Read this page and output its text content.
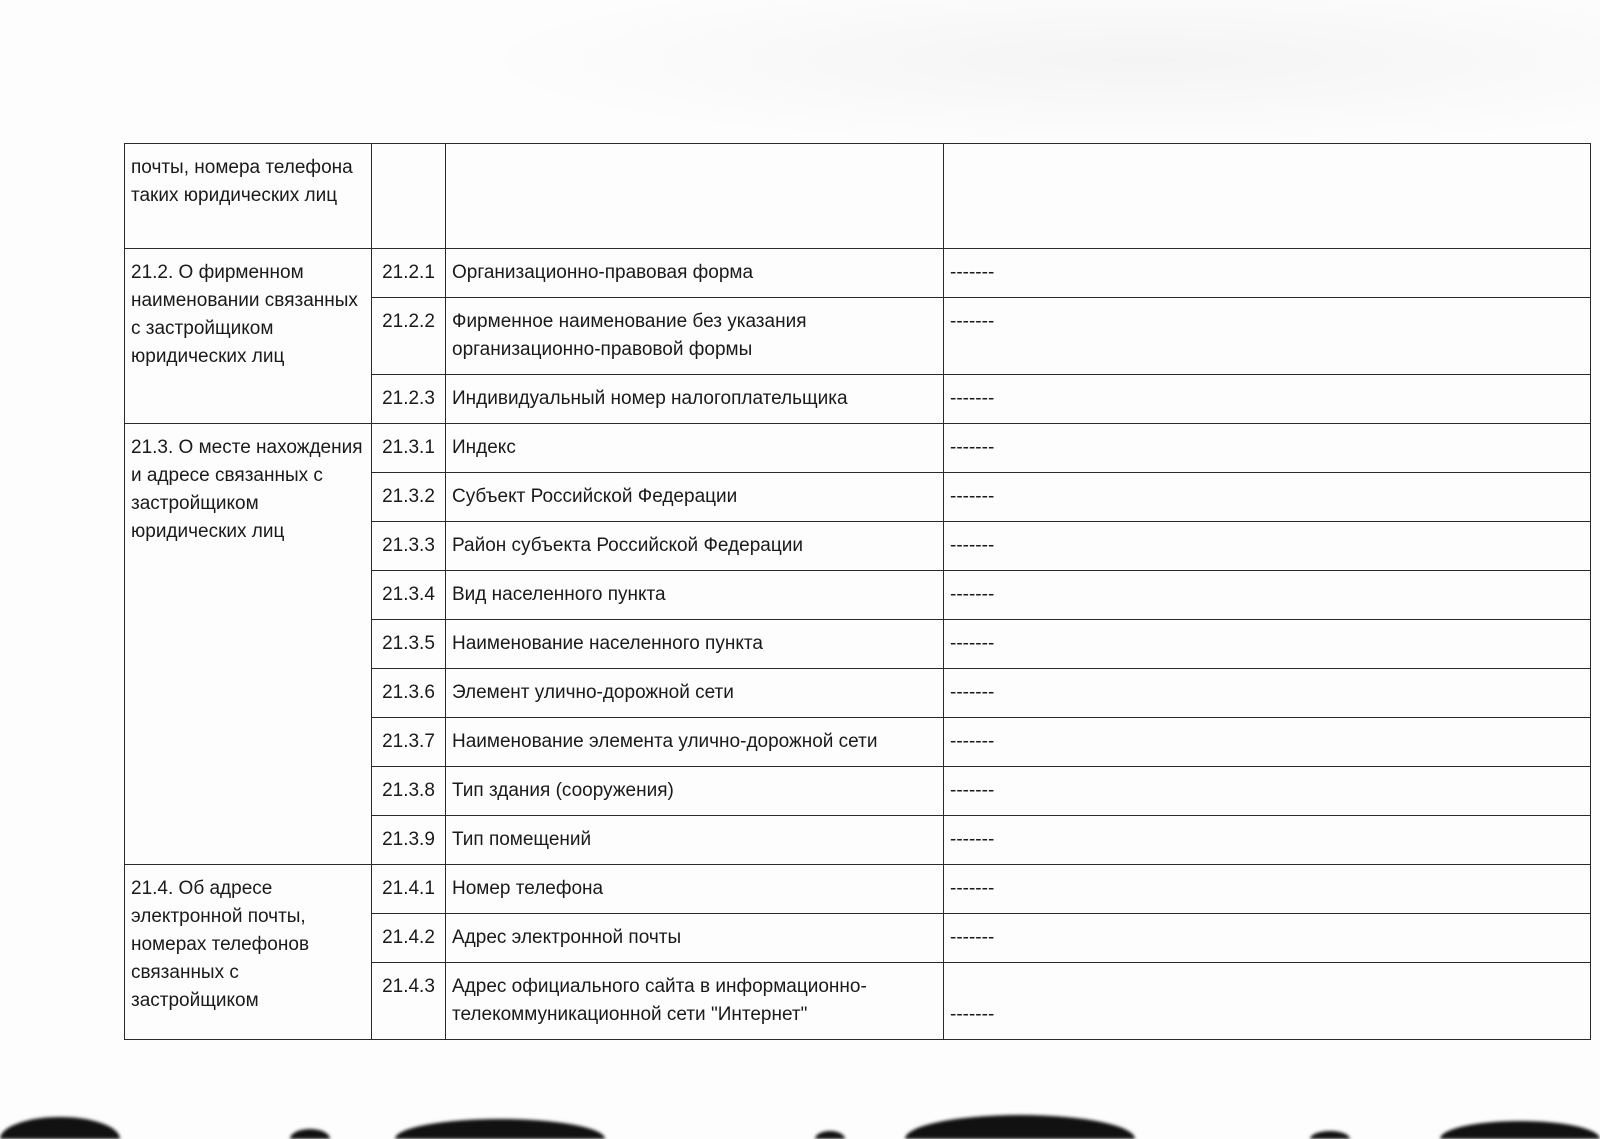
почты, номера телефона таких юридических лиц			
21.2. О фирменном наименовании связанных с застройщиком юридических лиц	21.2.1	Организационно-правовая форма	-------
	21.2.2	Фирменное наименование без указания организационно-правовой формы	-------
	21.2.3	Индивидуальный номер налогоплательщика	-------
21.3. О месте нахождения и адресе связанных с застройщиком юридических лиц	21.3.1	Индекс	-------
	21.3.2	Субъект Российской Федерации	-------
	21.3.3	Район субъекта Российской Федерации	-------
	21.3.4	Вид населенного пункта	-------
	21.3.5	Наименование населенного пункта	-------
	21.3.6	Элемент улично-дорожной сети	-------
	21.3.7	Наименование элемента улично-дорожной сети	-------
	21.3.8	Тип здания (сооружения)	-------
	21.3.9	Тип помещений	-------
21.4. Об адресе электронной почты, номерах телефонов связанных с застройщиком	21.4.1	Номер телефона	-------
	21.4.2	Адрес электронной почты	-------
	21.4.3	Адрес официального сайта в информационно-телекоммуникационной сети "Интернет"	-------
